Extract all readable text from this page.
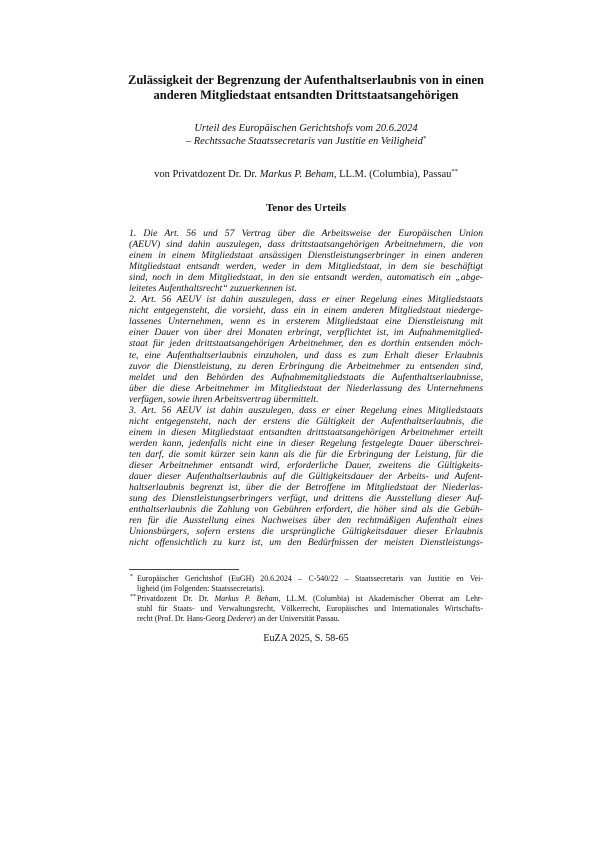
Zulässigkeit der Begrenzung der Aufenthaltserlaubnis von in einen
anderen Mitgliedstaat entsandten Drittstaatsangehörigen
Urteil des Europäischen Gerichtshofs vom 20.6.2024
– Rechtssache Staatssecretaris van Justitie en Veiligheid*
von Privatdozent Dr. Dr. Markus P. Beham, LL.M. (Columbia), Passau**
Tenor des Urteils
1. Die Art. 56 und 57 Vertrag über die Arbeitsweise der Europäischen Union
(AEUV) sind dahin auszulegen, dass drittstaatsangehörigen Arbeitnehmern, die von
einem in einem Mitgliedstaat ansässigen Dienstleistungserbringer in einen anderen
Mitgliedstaat entsandt werden, weder in dem Mitgliedstaat, in dem sie beschäftigt
sind, noch in dem Mitgliedstaat, in den sie entsandt werden, automatisch ein „abge-
leitetes Aufenthaltsrecht“ zuzuerkennen ist.
2. Art. 56 AEUV ist dahin auszulegen, dass er einer Regelung eines Mitgliedstaats
nicht entgegensteht, die vorsieht, dass ein in einem anderen Mitgliedstaat niederge-
lassenes Unternehmen, wenn es in ersterem Mitgliedstaat eine Dienstleistung mit
einer Dauer von über drei Monaten erbringt, verpflichtet ist, im Aufnahmemitglied-
staat für jeden drittstaatsangehörigen Arbeitnehmer, den es dorthin entsenden möch-
te, eine Aufenthaltserlaubnis einzuholen, und dass es zum Erhalt dieser Erlaubnis
zuvor die Dienstleistung, zu deren Erbringung die Arbeitnehmer zu entsenden sind,
meldet und den Behörden des Aufnahmemitgliedstaats die Aufenthaltserlaubnisse,
über die diese Arbeitnehmer im Mitgliedstaat der Niederlassung des Unternehmens
verfügen, sowie ihren Arbeitsvertrag übermittelt.
3. Art. 56 AEUV ist dahin auszulegen, dass er einer Regelung eines Mitgliedstaats
nicht entgegensteht, nach der erstens die Gültigkeit der Aufenthaltserlaubnis, die
einem in diesen Mitgliedstaat entsandten drittstaatsangehörigen Arbeitnehmer erteilt
werden kann, jedenfalls nicht eine in dieser Regelung festgelegte Dauer überschrei-
ten darf, die somit kürzer sein kann als die für die Erbringung der Leistung, für die
dieser Arbeitnehmer entsandt wird, erforderliche Dauer, zweitens die Gültigkeits-
dauer dieser Aufenthaltserlaubnis auf die Gültigkeitsdauer der Arbeits- und Aufent-
haltserlaubnis begrenzt ist, über die der Betroffene im Mitgliedstaat der Niederlas-
sung des Dienstleistungserbringers verfügt, und drittens die Ausstellung dieser Auf-
enthaltserlaubnis die Zahlung von Gebühren erfordert, die höher sind als die Gebüh-
ren für die Ausstellung eines Nachweises über den rechtmäßigen Aufenthalt eines
Unionsbürgers, sofern erstens die ursprüngliche Gültigkeitsdauer dieser Erlaubnis
nicht offensichtlich zu kurz ist, um den Bedürfnissen der meisten Dienstleistungs-
* Europäischer Gerichtshof (EuGH) 20.6.2024 – C-540/22 – Staatssecretaris van Justitie en Vei-
ligheid (im Folgenden: Staatssecretaris).
** Privatdozent Dr. Dr. Markus P. Beham, LL.M. (Columbia) ist Akademischer Oberrat am Lehr-
stuhl für Staats- und Verwaltungsrecht, Völkerrecht, Europäisches und Internationales Wirtschafts-
recht (Prof. Dr. Hans-Georg Dederer) an der Universität Passau.
EuZA 2025, S. 58-65
